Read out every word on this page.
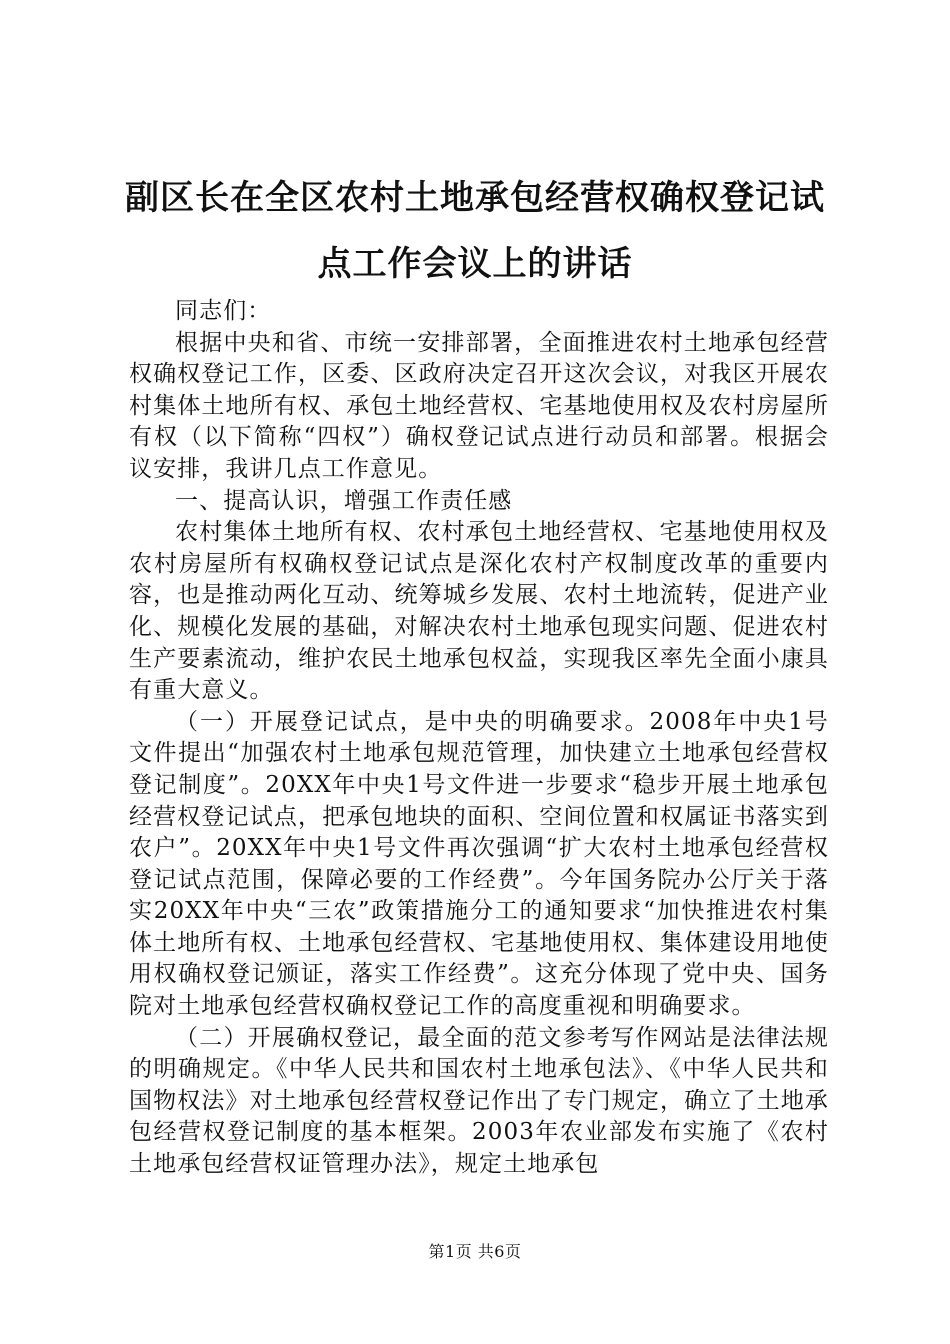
副区长在全区农村土地承包经营权确权登记试
点工作会议上的讲话

同志们：

根据中央和省、市统一安排部署，全面推进农村土地承包经营权确权登记工作，区委、区政府决定召开这次会议，对我区开展农村集体土地所有权、承包土地经营权、宅基地使用权及农村房屋所有权（以下简称“四权”）确权登记试点进行动员和部署。根据会议安排，我讲几点工作意见。

一、提高认识，增强工作责任感

农村集体土地所有权、农村承包土地经营权、宅基地使用权及农村房屋所有权确权登记试点是深化农村产权制度改革的重要内容，也是推动两化互动、统筹城乡发展、农村土地流转，促进产业化、规模化发展的基础，对解决农村土地承包现实问题、促进农村生产要素流动，维护农民土地承包权益，实现我区率先全面小康具有重大意义。

（一）开展登记试点，是中央的明确要求。2008年中央1号文件提出“加强农村土地承包规范管理，加快建立土地承包经营权登记制度”。20XX年中央1号文件进一步要求“稳步开展土地承包经营权登记试点，把承包地块的面积、空间位置和权属证书落实到农户”。20XX年中央1号文件再次强调“扩大农村土地承包经营权登记试点范围，保障必要的工作经费”。今年国务院办公厅关于落实20XX年中央“三农”政策措施分工的通知要求“加快推进农村集体土地所有权、土地承包经营权、宅基地使用权、集体建设用地使用权确权登记颁证，落实工作经费”。这充分体现了党中央、国务院对土地承包经营权确权登记工作的高度重视和明确要求。

（二）开展确权登记，最全面的范文参考写作网站是法律法规的明确规定。《中华人民共和国农村土地承包法》、《中华人民共和国物权法》对土地承包经营权登记作出了专门规定，确立了土地承包经营权登记制度的基本框架。2003年农业部发布实施了《农村土地承包经营权证管理办法》，规定土地承包

第1页 共6页
